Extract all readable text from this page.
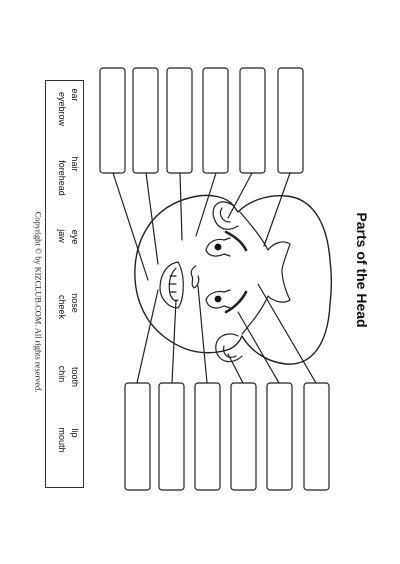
Parts of the Head
ear
eyebrow
hair
forehead
eye
jaw
nose
cheek
tooth
chin
lip
mouth
Copyright © by KIZCLUB.COM. All rights reserved.
